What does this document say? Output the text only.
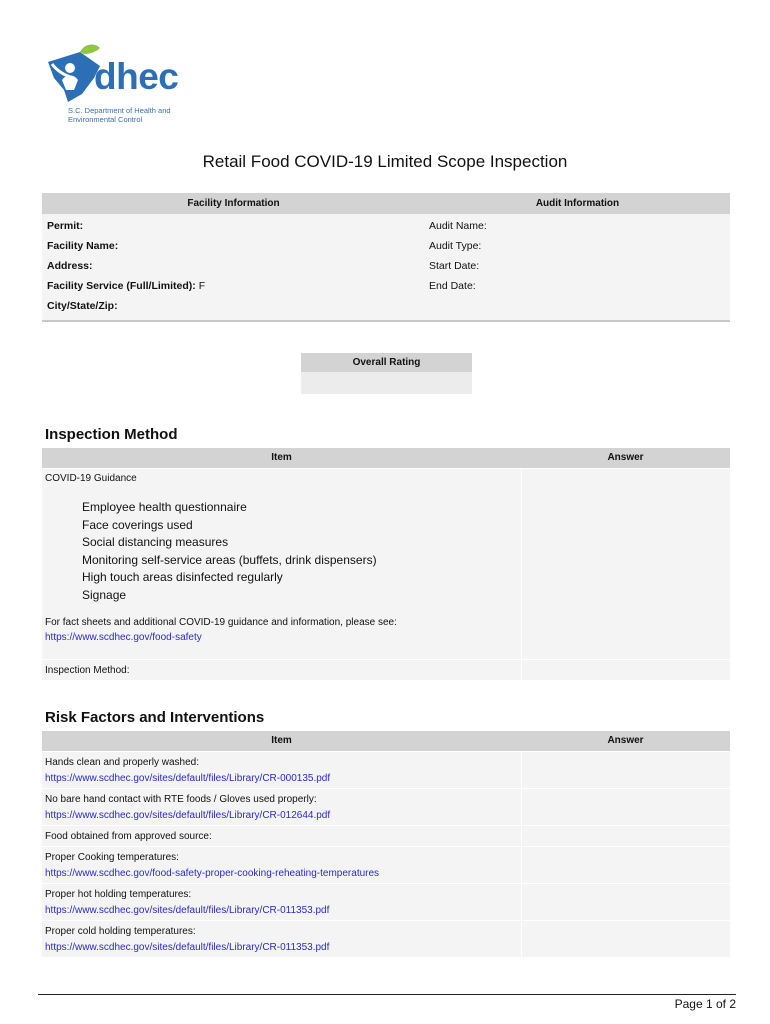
dhec
S.C. Department of Health and
Environmental Control
Retail Food COVID-19 Limited Scope Inspection
Facility Information	Audit Information
Permit:
Facility Name:
Address:
Facility Service (Full/Limited): F
City/State/Zip:
Audit Name:
Audit Type:
Start Date:
End Date:
Overall Rating
Inspection Method
Item	Answer
COVID-19 Guidance
Employee health questionnaire
Face coverings used
Social distancing measures
Monitoring self-service areas (buffets, drink dispensers)
High touch areas disinfected regularly
Signage
For fact sheets and additional COVID-19 guidance and information, please see:
https://www.scdhec.gov/food-safety
Inspection Method:
Risk Factors and Interventions
Item	Answer
Hands clean and properly washed:
https://www.scdhec.gov/sites/default/files/Library/CR-000135.pdf
No bare hand contact with RTE foods / Gloves used properly:
https://www.scdhec.gov/sites/default/files/Library/CR-012644.pdf
Food obtained from approved source:
Proper Cooking temperatures:
https://www.scdhec.gov/food-safety-proper-cooking-reheating-temperatures
Proper hot holding temperatures:
https://www.scdhec.gov/sites/default/files/Library/CR-011353.pdf
Proper cold holding temperatures:
https://www.scdhec.gov/sites/default/files/Library/CR-011353.pdf
Page 1 of 2
